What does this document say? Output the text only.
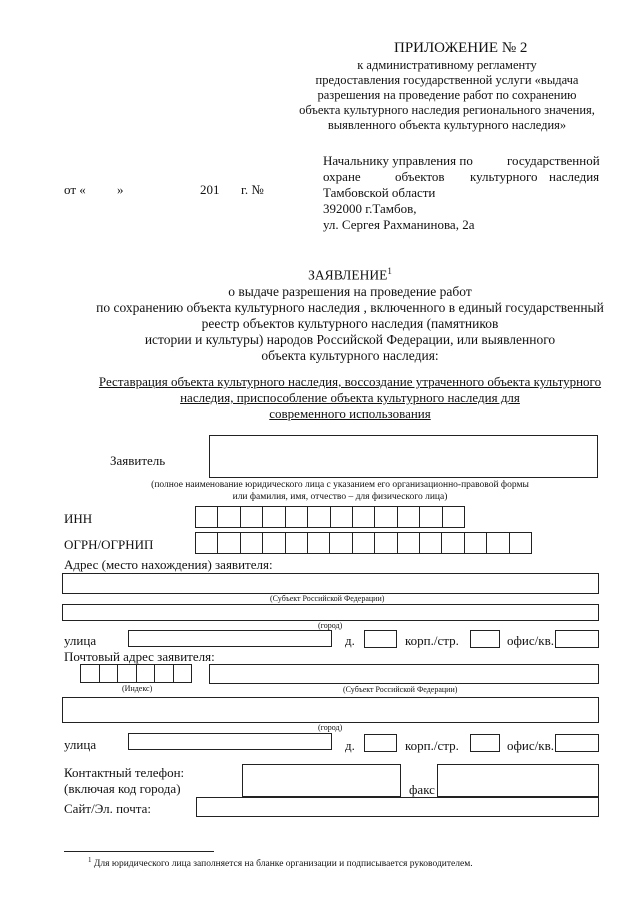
ПРИЛОЖЕНИЕ № 2
к административному регламенту
предоставления государственной услуги «выдача
разрешения на проведение работ по сохранению
объекта культурного наследия регионального значения,
выявленного объекта культурного наследия»
от « »	201 г. №
Начальнику управления по	государственной
охране	объектов культурного наследия
Тамбовской области
392000 г.Тамбов,
ул. Сергея Рахманинова, 2а
ЗАЯВЛЕНИЕ$^1$
о выдаче разрешения на проведение работ
по сохранению объекта культурного наследия , включенного в единый государственный
реестр объектов культурного наследия (памятников
истории и культуры) народов Российской Федерации, или выявленного
объекта культурного наследия:
Реставрация объекта культурного наследия, воссоздание утраченного объекта культурного
наследия, приспособление объекта культурного наследия для
современного использования
Заявитель
(полное наименование юридического лица с указанием его организационно-правовой формы
или фамилия, имя, отчество – для физического лица)
ИНН
ОГРН/ОГРНИП
Адрес (место нахождения) заявителя:
(Субъект Российской Федерации)
(город)
улица	д.	корп./стр.	офис/кв.
Почтовый адрес заявителя:
(Индекс)	(Субъект Российской Федерации)
(город)
улица	д.	корп./стр.	офис/кв.
Контактный телефон:
(включая код города)	факс
Сайт/Эл. почта:
$^1$ Для юридического лица заполняется на бланке организации и подписывается руководителем.
